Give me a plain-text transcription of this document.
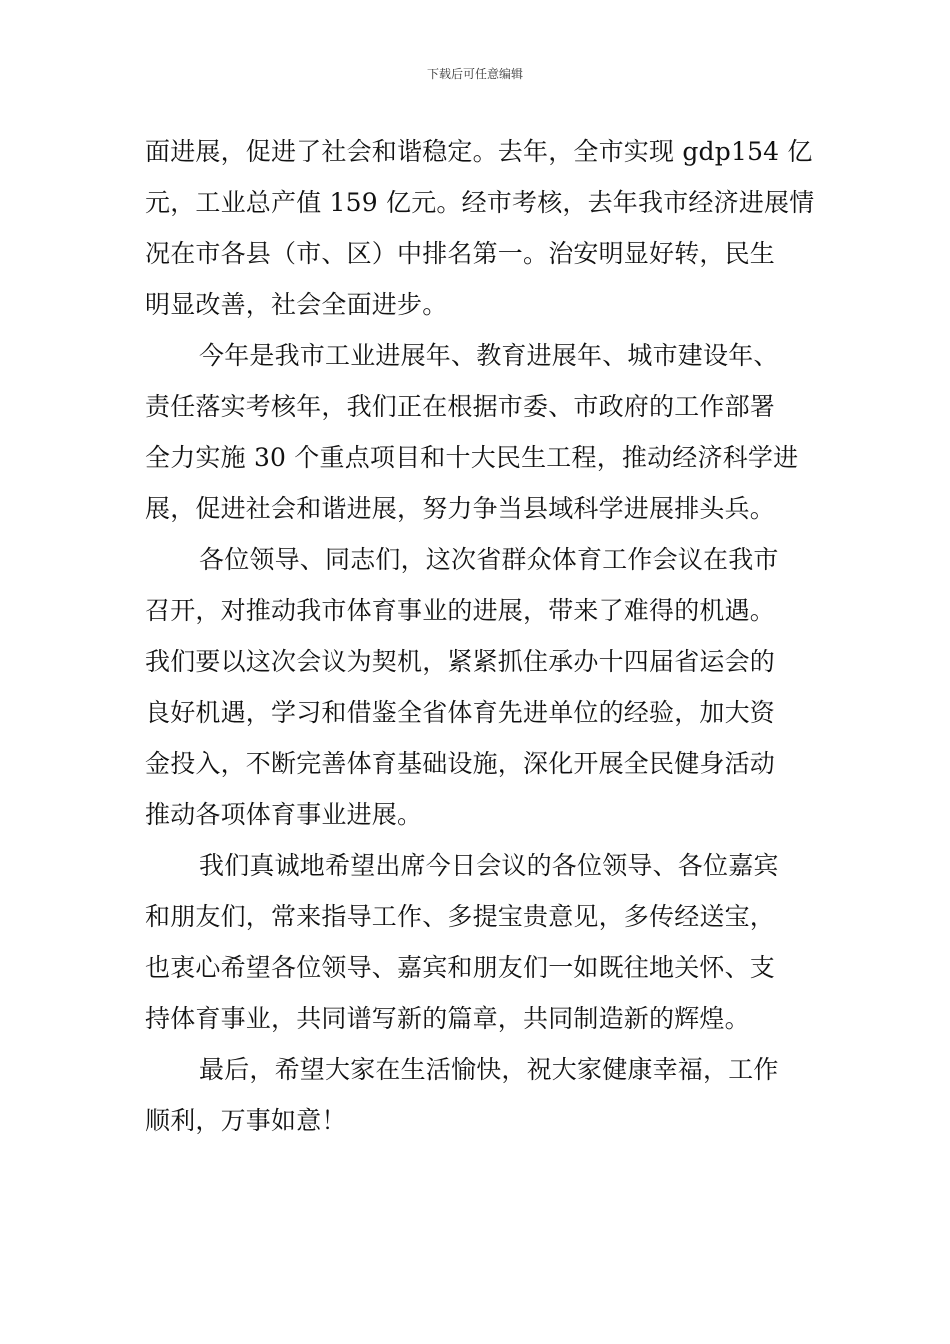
下载后可任意编辑
面进展，促进了社会和谐稳定。去年，全市实现 gdp154 亿
元，工业总产值 159 亿元。经市考核，去年我市经济进展情
况在市各县（市、区）中排名第一。治安明显好转，民生
明显改善，社会全面进步。
今年是我市工业进展年、教育进展年、城市建设年、
责任落实考核年，我们正在根据市委、市政府的工作部署
全力实施 30 个重点项目和十大民生工程，推动经济科学进
展，促进社会和谐进展，努力争当县域科学进展排头兵。
各位领导、同志们，这次省群众体育工作会议在我市
召开，对推动我市体育事业的进展，带来了难得的机遇。
我们要以这次会议为契机，紧紧抓住承办十四届省运会的
良好机遇，学习和借鉴全省体育先进单位的经验，加大资
金投入，不断完善体育基础设施，深化开展全民健身活动
推动各项体育事业进展。
我们真诚地希望出席今日会议的各位领导、各位嘉宾
和朋友们，常来指导工作、多提宝贵意见，多传经送宝，
也衷心希望各位领导、嘉宾和朋友们一如既往地关怀、支
持体育事业，共同谱写新的篇章，共同制造新的辉煌。
最后，希望大家在生活愉快，祝大家健康幸福，工作
顺利，万事如意！
